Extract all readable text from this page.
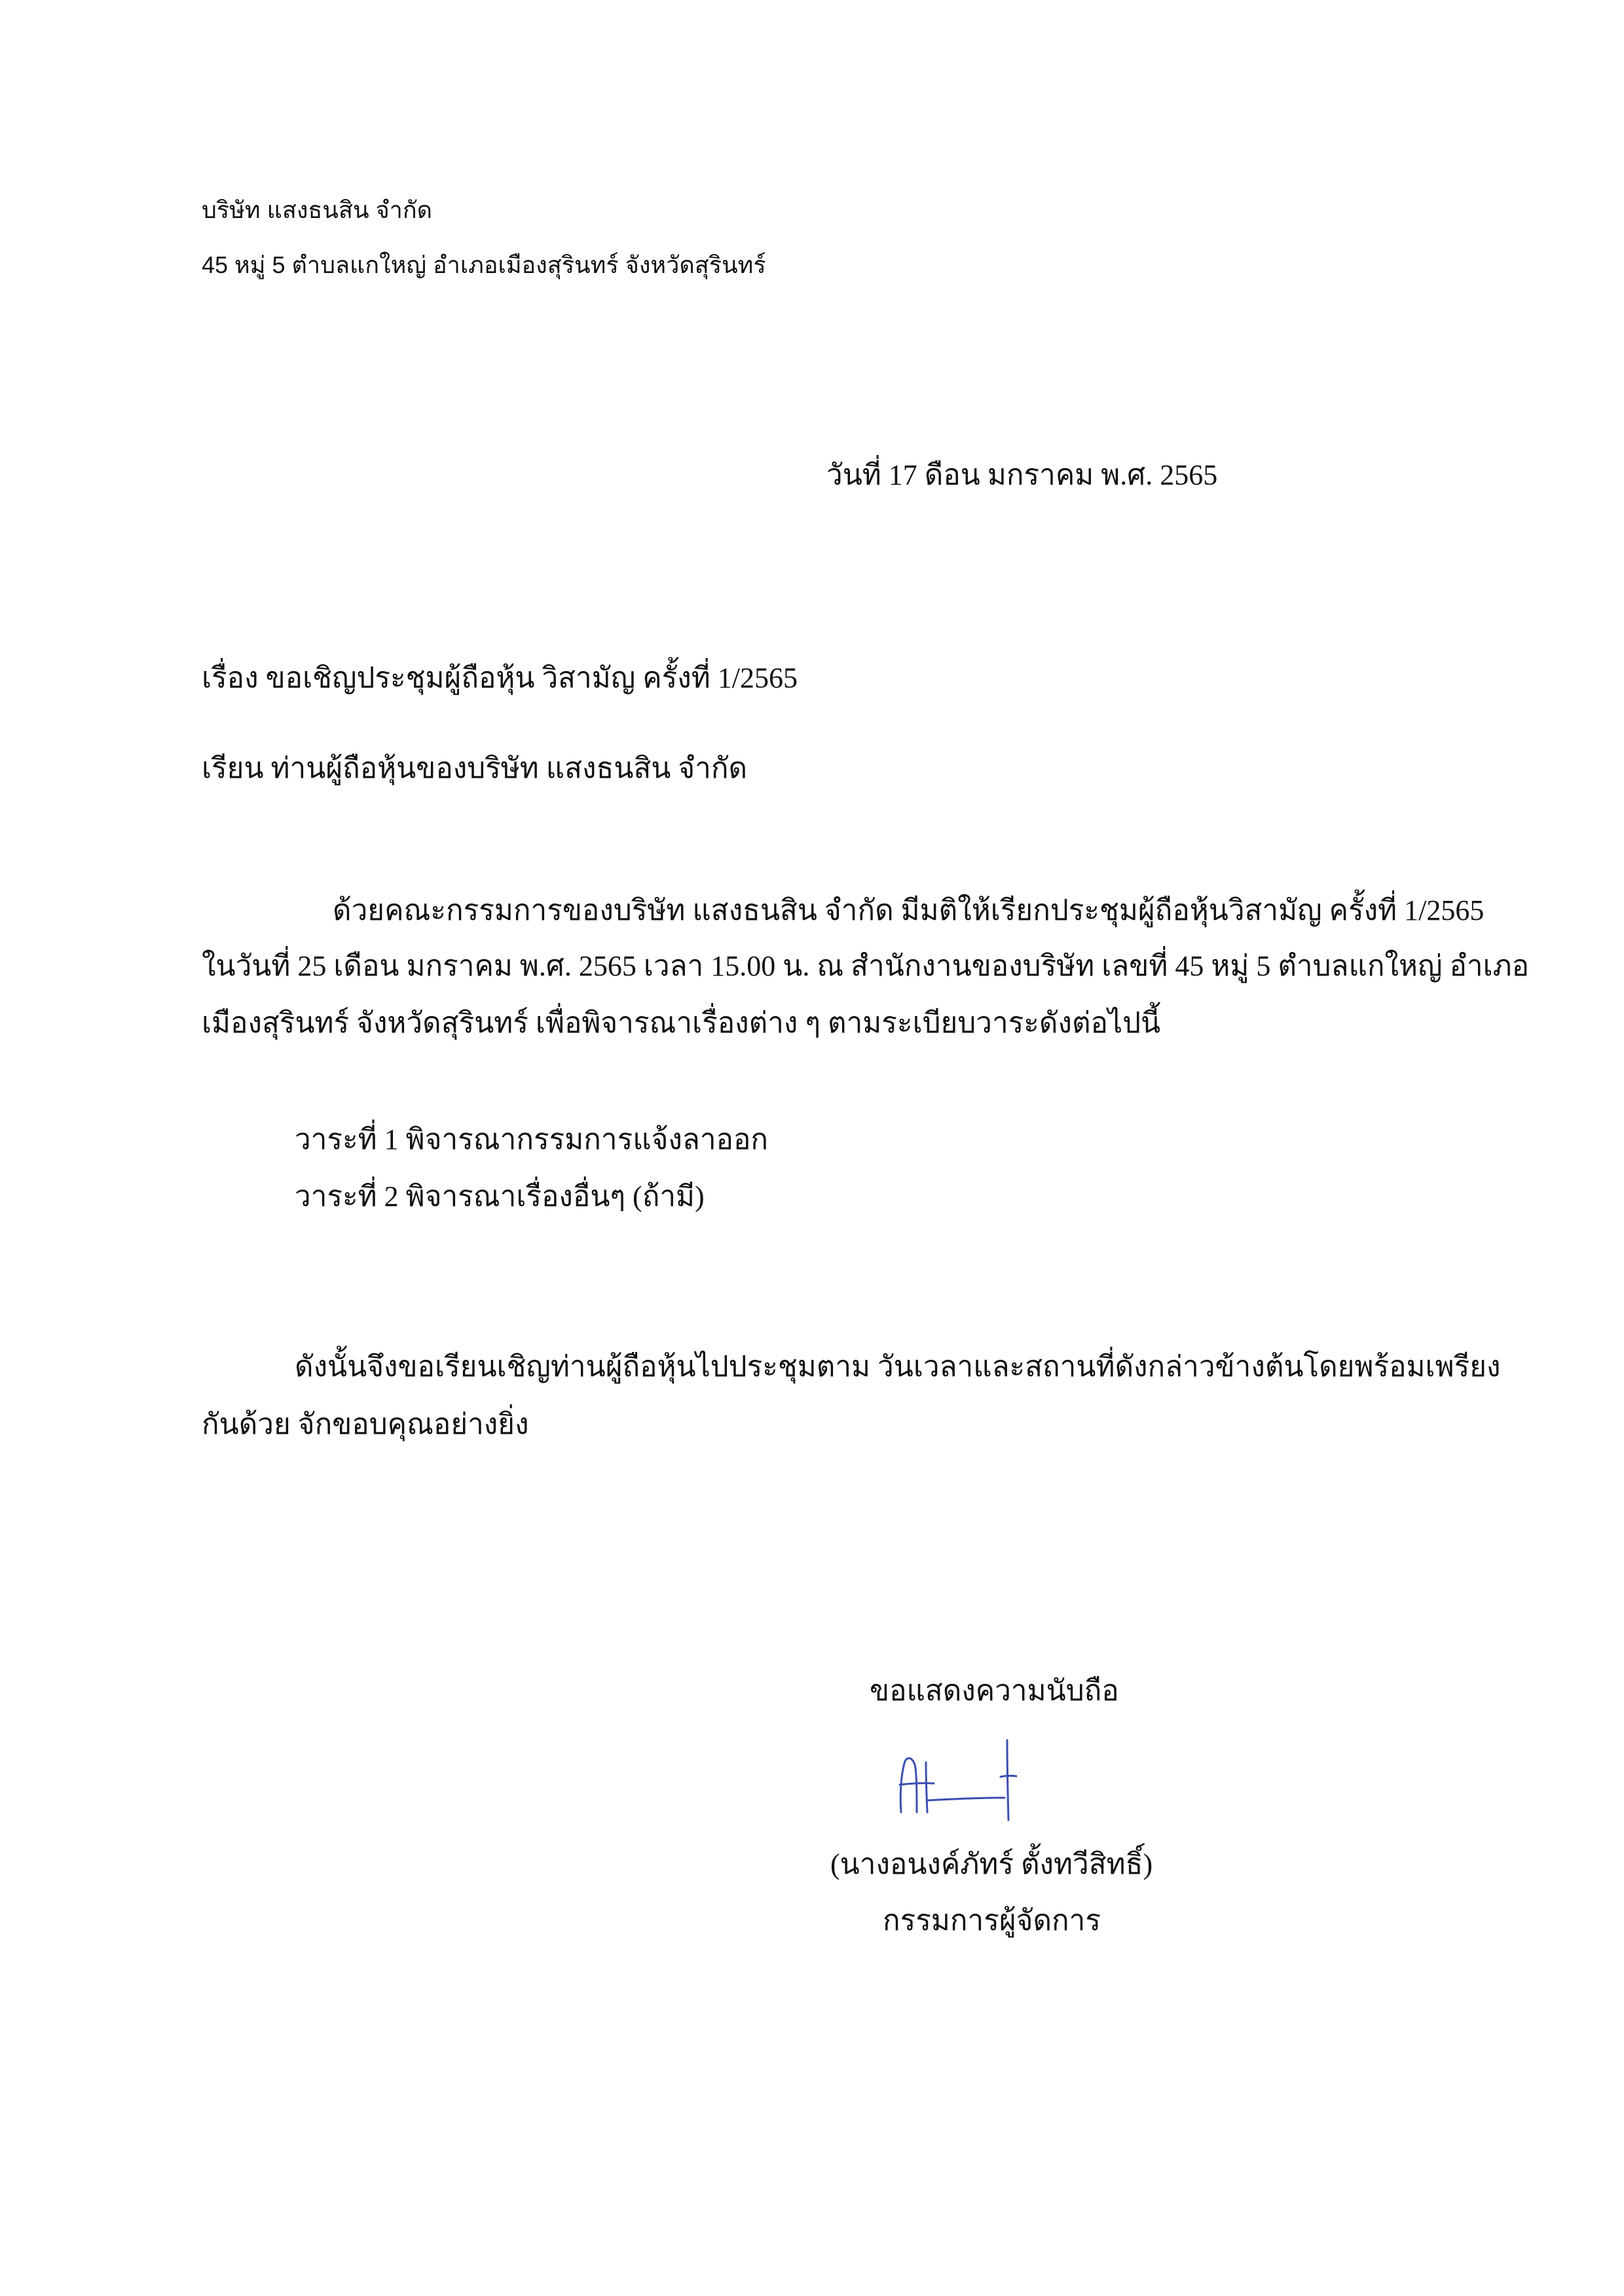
บริษัท แสงธนสิน จำกัด
45 หมู่ 5 ตำบลแกใหญ่ อำเภอเมืองสุรินทร์ จังหวัดสุรินทร์
วันที่ 17 ดือน มกราคม พ.ศ. 2565
เรื่อง ขอเชิญประชุมผู้ถือหุ้น วิสามัญ ครั้งที่ 1/2565
เรียน ท่านผู้ถือหุ้นของบริษัท แสงธนสิน จำกัด
ด้วยคณะกรรมการของบริษัท แสงธนสิน จำกัด มีมติให้เรียกประชุมผู้ถือหุ้นวิสามัญ ครั้งที่ 1/2565
ในวันที่ 25 เดือน มกราคม พ.ศ. 2565 เวลา 15.00 น. ณ สำนักงานของบริษัท เลขที่ 45 หมู่ 5 ตำบลแกใหญ่ อำเภอ
เมืองสุรินทร์ จังหวัดสุรินทร์ เพื่อพิจารณาเรื่องต่าง ๆ ตามระเบียบวาระดังต่อไปนี้
วาระที่ 1 พิจารณากรรมการแจ้งลาออก
วาระที่ 2 พิจารณาเรื่องอื่นๆ (ถ้ามี)
ดังนั้นจึงขอเรียนเชิญท่านผู้ถือหุ้นไปประชุมตาม วันเวลาและสถานที่ดังกล่าวข้างต้นโดยพร้อมเพรียง
กันด้วย จักขอบคุณอย่างยิ่ง
ขอแสดงความนับถือ
(นางอนงค์ภัทร์ ตั้งทวีสิทธิ์)
กรรมการผู้จัดการ
